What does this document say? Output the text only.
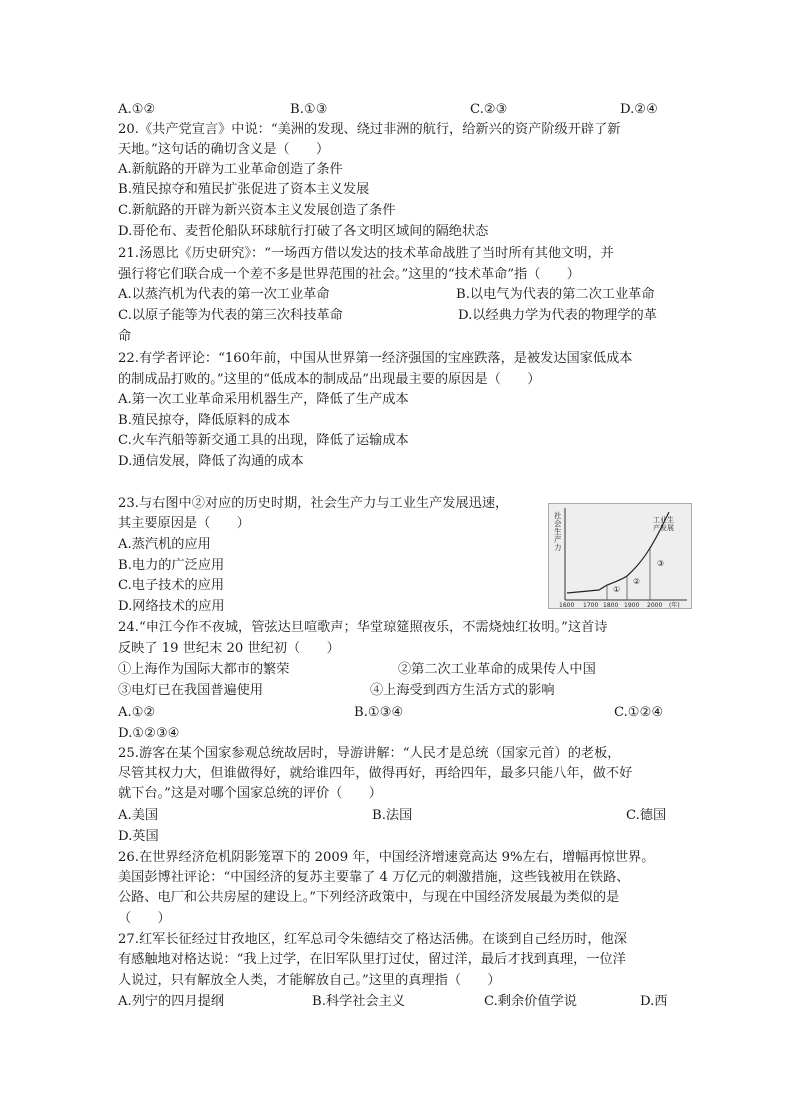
A.①②	B.①③	C.②③	D.②④
20.《共产党宣言》中说：“美洲的发现、绕过非洲的航行，给新兴的资产阶级开辟了新
天地。”这句话的确切含义是（　　）
A.新航路的开辟为工业革命创造了条件
B.殖民掠夺和殖民扩张促进了资本主义发展
C.新航路的开辟为新兴资本主义发展创造了条件
D.哥伦布、麦哲伦船队环球航行打破了各文明区域间的隔绝状态
21.汤恩比《历史研究》：“一场西方借以发达的技术革命战胜了当时所有其他文明，并
强行将它们联合成一个差不多是世界范围的社会。”这里的“技术革命”指（　　）
A.以蒸汽机为代表的第一次工业革命	B.以电气为代表的第二次工业革命
C.以原子能等为代表的第三次科技革命	D.以经典力学为代表的物理学的革
命
22.有学者评论：“160年前，中国从世界第一经济强国的宝座跌落，是被发达国家低成本
的制成品打败的。”这里的“低成本的制成品”出现最主要的原因是（　　）
A.第一次工业革命采用机器生产，降低了生产成本
B.殖民掠夺，降低原料的成本
C.火车汽船等新交通工具的出现，降低了运输成本
D.通信发展，降低了沟通的成本
23.与右图中②对应的历史时期，社会生产力与工业生产发展迅速，
其主要原因是（　　）
A.蒸汽机的应用
B.电力的广泛应用
C.电子技术的应用
D.网络技术的应用
社会生产力
工业生产发展
①
②
③
1600 1700 1800 1900 2000 (年)
24.“申江今作不夜城，管弦达旦喧歌声；华堂琼筵照夜乐，不需烧烛红妆明。”这首诗
反映了 19 世纪末 20 世纪初（　　）
①上海作为国际大都市的繁荣	②第二次工业革命的成果传人中国
③电灯已在我国普遍使用	④上海受到西方生活方式的影响
A.①②	B.①③④	C.①②④
D.①②③④
25.游客在某个国家参观总统故居时，导游讲解：“人民才是总统（国家元首）的老板，
尽管其权力大，但谁做得好，就给谁四年，做得再好，再给四年，最多只能八年，做不好
就下台。”这是对哪个国家总统的评价（　　）
A.美国	B.法国	C.德国
D.英国
26.在世界经济危机阴影笼罩下的 2009 年，中国经济增速竟高达 9%左右，增幅再惊世界。
美国彭博社评论：“中国经济的复苏主要靠了 4 万亿元的刺激措施，这些钱被用在铁路、
公路、电厂和公共房屋的建设上。”下列经济政策中，与现在中国经济发展最为类似的是
（　　）
27.红军长征经过甘孜地区，红军总司令朱德结交了格达活佛。在谈到自己经历时，他深
有感触地对格达说：“我上过学，在旧军队里打过仗，留过洋，最后才找到真理，一位洋
人说过，只有解放全人类，才能解放自己。”这里的真理指（　　）
A.列宁的四月提纲	B.科学社会主义	C.剩余价值学说	D.西
